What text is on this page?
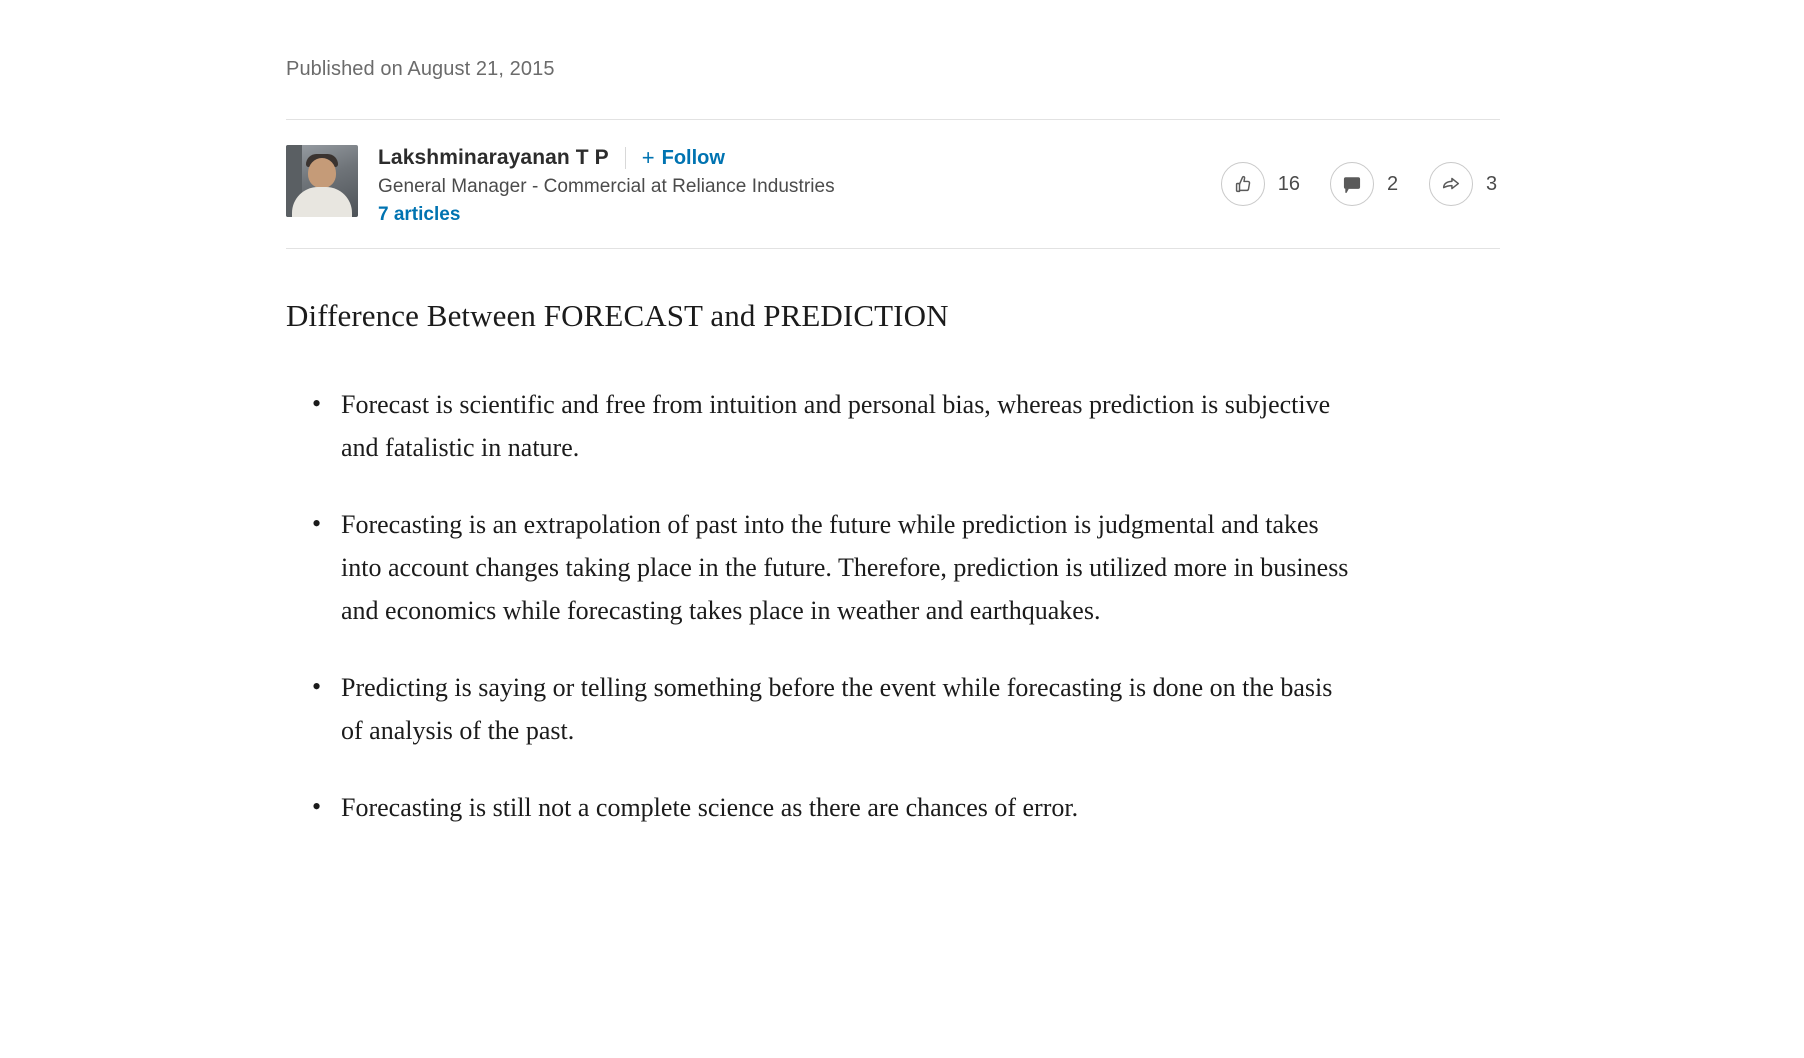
Published on August 21, 2015
Lakshminarayanan T P + Follow
General Manager - Commercial at Reliance Industries
7 articles
16	2	3
Difference Between FORECAST and PREDICTION
• Forecast is scientific and free from intuition and personal bias, whereas prediction is subjective and fatalistic in nature.
• Forecasting is an extrapolation of past into the future while prediction is judgmental and takes into account changes taking place in the future. Therefore, prediction is utilized more in business and economics while forecasting takes place in weather and earthquakes.
• Predicting is saying or telling something before the event while forecasting is done on the basis of analysis of the past.
• Forecasting is still not a complete science as there are chances of error.
